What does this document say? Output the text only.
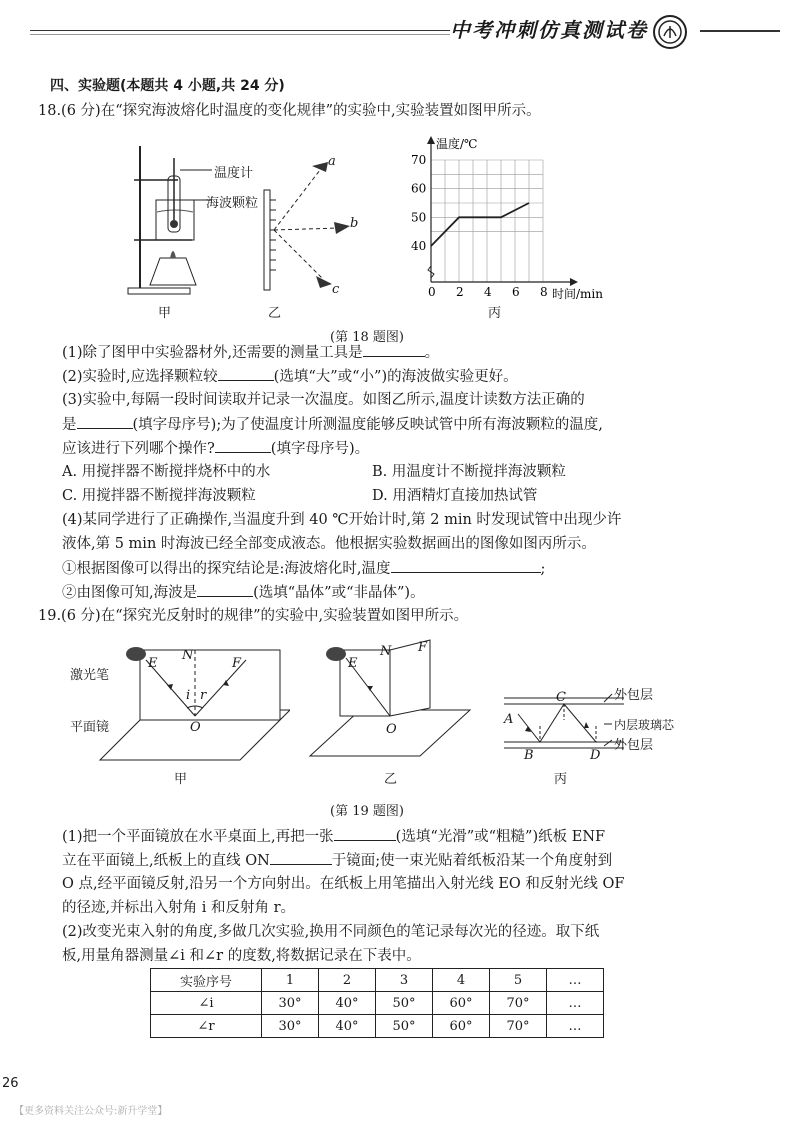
中考冲刺仿真测试卷
四、实验题(本题共 4 小题,共 24 分)
18.(6 分)在“探究海波熔化时温度的变化规律”的实验中,实验装置如图甲所示。
温度计
海波颗粒
甲
a
b
c
乙
0 2 4 6 8
40
50
60
70
温度/℃
时间/min
丙
(第 18 题图)
(1)除了图甲中实验器材外,还需要的测量工具是	。
(2)实验时,应选择颗粒较	(选填“大”或“小”)的海波做实验更好。
(3)实验中,每隔一段时间读取并记录一次温度。如图乙所示,温度计读数方法正确的
是	(填字母序号);为了使温度计所测温度能够反映试管中所有海波颗粒的温度,
应该进行下列哪个操作?	(填字母序号)。
A. 用搅拌器不断搅拌烧杯中的水	B. 用温度计不断搅拌海波颗粒
C. 用搅拌器不断搅拌海波颗粒	D. 用酒精灯直接加热试管
(4)某同学进行了正确操作,当温度升到 40 ℃开始计时,第 2 min 时发现试管中出现少许
液体,第 5 min 时海波已经全部变成液态。他根据实验数据画出的图像如图丙所示。
①根据图像可以得出的探究结论是:海波熔化时,温度	;
②由图像可知,海波是	(选填“晶体”或“非晶体”)。
19.(6 分)在“探究光反射时的规律”的实验中,实验装置如图甲所示。
激光笔
平面镜
E	F
N
i r
O
甲
E
N F
O
乙
外包层
内层玻璃芯
外包层
A
B
C
D
丙
(第 19 题图)
(1)把一个平面镜放在水平桌面上,再把一张	(选填“光滑”或“粗糙”)纸板 ENF
立在平面镜上,纸板上的直线 ON	于镜面;使一束光贴着纸板沿某一个角度射到
O 点,经平面镜反射,沿另一个方向射出。在纸板上用笔描出入射光线 EO 和反射光线 OF
的径迹,并标出入射角 i 和反射角 r。
(2)改变光束入射的角度,多做几次实验,换用不同颜色的笔记录每次光的径迹。取下纸
板,用量角器测量∠i 和∠r 的度数,将数据记录在下表中。
实验序号	1	2	3	4	5	…
∠i	30°	40°	50°	60°	70°	…
∠r	30°	40°	50°	60°	70°	…
26
【更多资料关注公众号:新升学堂】
